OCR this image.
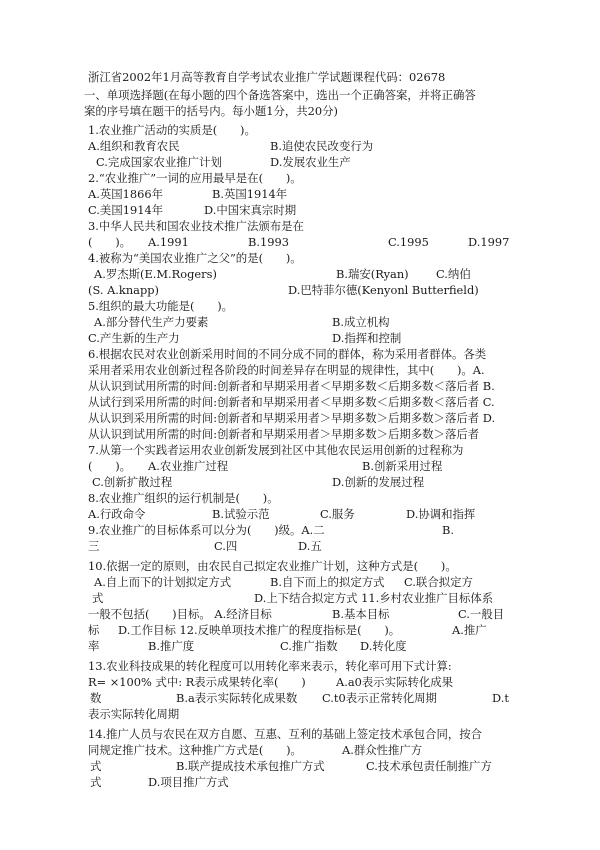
浙江省2002年1月高等教育自学考试农业推广学试题课程代码：02678
一、单项选择题(在每小题的四个备选答案中，选出一个正确答案，并将正确答
案的序号填在题干的括号内。每小题1分，共20分)
1.农业推广活动的实质是(　　)。
A.组织和教育农民	B.追使农民改变行为
C.完成国家农业推广计划	D.发展农业生产
2.“农业推广”一词的应用最早是在(　　)。
A.英国1866年	B.英国1914年
C.美国1914年	D.中国宋真宗时期
3.中华人民共和国农业技术推广法颁布是在
(　　)。 A.1991	B.1993	C.1995	D.1997
4.被称为“美国农业推广之父”的是(　　)。
A.罗杰斯(E.M.Rogers)	B.瑞安(Ryan) C.纳伯
(S. A.knapp)	D.巴特菲尔德(Kenyonl Butterfield)
5.组织的最大功能是(　　)。
A.部分替代生产力要素	B.成立机构
C.产生新的生产力	D.指挥和控制
6.根据农民对农业创新采用时间的不同分成不同的群体，称为采用者群体。各类
采用者采用农业创新过程各阶段的时间差异存在明显的规律性，其中(　　)。A.
从认识到试用所需的时间:创新者和早期采用者＜早期多数＜后期多数＜落后者 B.
从试行到采用所需的时间:创新者和早期采用者＜早期多数＜后期多数＜落后者 C.
从认识到采用所需的时间:创新者和早期采用者＞早期多数＞后期多数＞落后者 D.
从认识到试用所需的时间:创新者和早期采用者＞早期多数＞后期多数＞落后者
7.从第一个实践者运用农业创新发展到社区中其他农民运用创新的过程称为
(　　)。 A.农业推广过程	B.创新采用过程
C.创新扩散过程	D.创新的发展过程
8.农业推广组织的运行机制是(　　)。
A.行政命令	B.试验示范	C.服务	D.协调和指挥
9.农业推广的目标体系可以分为(　　)级。A.二	B.
三	C.四	D.五
10.依据一定的原则，由农民自己拟定农业推广计划，这种方式是(　　)。
A.自上而下的计划拟定方式	B.自下而上的拟定方式 C.联合拟定方
式	D.上下结合拟定方式 11.乡村农业推广目标体系
一般不包括(　　)目标。 A.经济目标	B.基本目标	C.一般目
标 D.工作目标 12.反映单项技术推广的程度指标是(　　)。	A.推广
率	B.推广度	C.推广指数 D.转化度
13.农业科技成果的转化程度可以用转化率来表示，转化率可用下式计算:
R= ×100% 式中: R表示成果转化率(　　)	A.a0表示实际转化成果
数	B.a表示实际转化成果数 C.t0表示正常转化周期	D.t
表示实际转化周期
14.推广人员与农民在双方自愿、互惠、互利的基础上签定技术承包合同，按合
同规定推广技术。这种推广方式是(　　)。	A.群众性推广方
式	B.联产提成技术承包推广方式	C.技术承包责任制推广方
式	D.项目推广方式
